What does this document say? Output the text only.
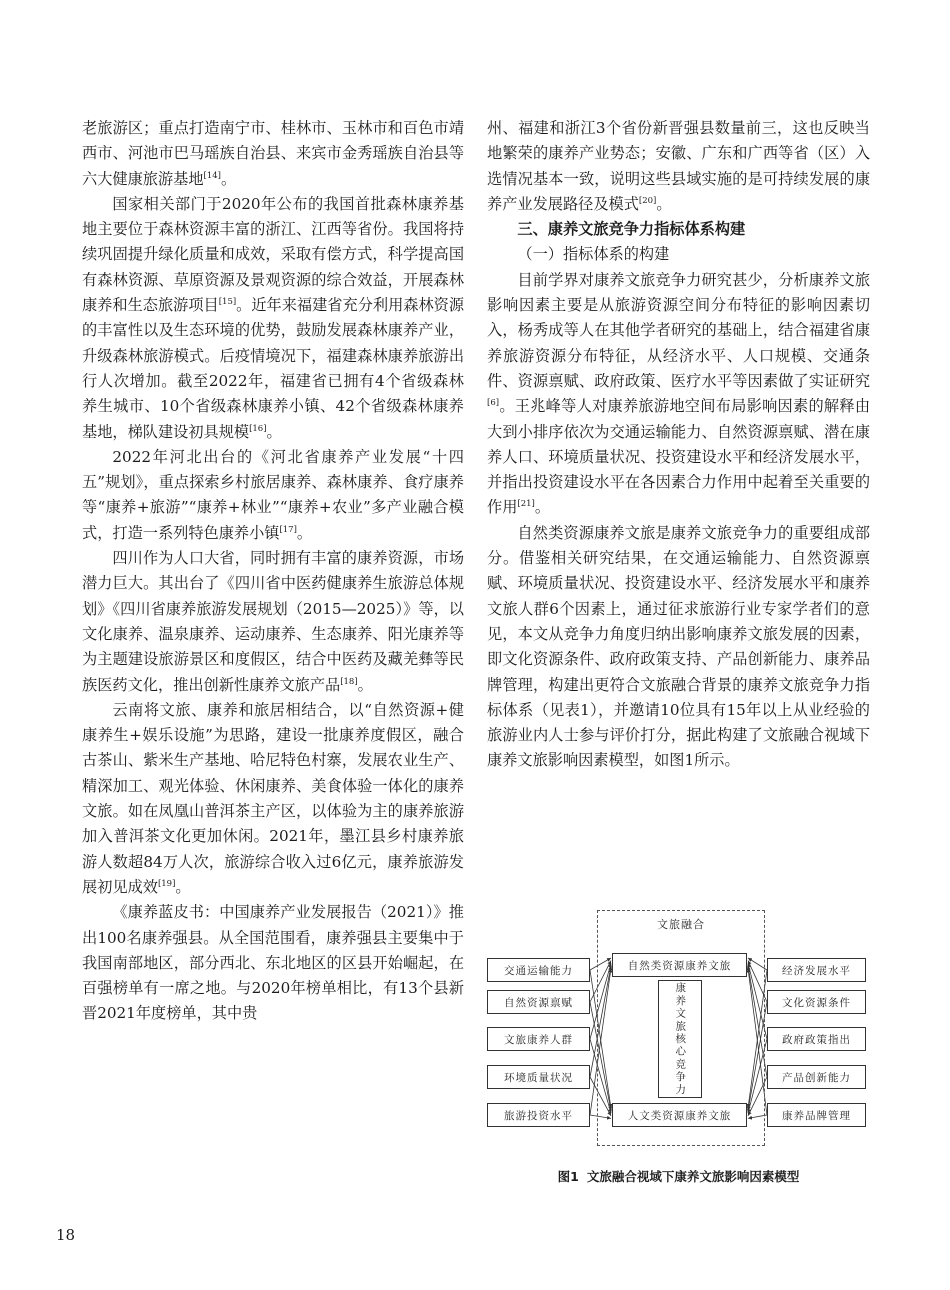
老旅游区；重点打造南宁市、桂林市、玉林市和百色市靖西市、河池市巴马瑶族自治县、来宾市金秀瑶族自治县等六大健康旅游基地[14]。

国家相关部门于2020年公布的我国首批森林康养基地主要位于森林资源丰富的浙江、江西等省份。我国将持续巩固提升绿化质量和成效，采取有偿方式，科学提高国有森林资源、草原资源及景观资源的综合效益，开展森林康养和生态旅游项目[15]。近年来福建省充分利用森林资源的丰富性以及生态环境的优势，鼓励发展森林康养产业，升级森林旅游模式。后疫情境况下，福建森林康养旅游出行人次增加。截至2022年，福建省已拥有4个省级森林养生城市、10个省级森林康养小镇、42个省级森林康养基地，梯队建设初具规模[16]。

2022年河北出台的《河北省康养产业发展“十四五”规划》，重点探索乡村旅居康养、森林康养、食疗康养等“康养+旅游”“康养+林业”“康养+农业”多产业融合模式，打造一系列特色康养小镇[17]。

四川作为人口大省，同时拥有丰富的康养资源，市场潜力巨大。其出台了《四川省中医药健康养生旅游总体规划》《四川省康养旅游发展规划（2015—2025）》等，以文化康养、温泉康养、运动康养、生态康养、阳光康养等为主题建设旅游景区和度假区，结合中医药及藏羌彝等民族医药文化，推出创新性康养文旅产品[18]。

云南将文旅、康养和旅居相结合，以“自然资源+健康养生+娱乐设施”为思路，建设一批康养度假区，融合古茶山、紫米生产基地、哈尼特色村寨，发展农业生产、精深加工、观光体验、休闲康养、美食体验一体化的康养文旅。如在凤凰山普洱茶主产区，以体验为主的康养旅游加入普洱茶文化更加休闲。2021年，墨江县乡村康养旅游人数超84万人次，旅游综合收入过6亿元，康养旅游发展初见成效[19]。

《康养蓝皮书：中国康养产业发展报告（2021）》推出100名康养强县。从全国范围看，康养强县主要集中于我国南部地区，部分西北、东北地区的区县开始崛起，在百强榜单有一席之地。与2020年榜单相比，有13个县新晋2021年度榜单，其中贵

州、福建和浙江3个省份新晋强县数量前三，这也反映当地繁荣的康养产业势态；安徽、广东和广西等省（区）入选情况基本一致，说明这些县域实施的是可持续发展的康养产业发展路径及模式[20]。

三、康养文旅竞争力指标体系构建

（一）指标体系的构建

目前学界对康养文旅竞争力研究甚少，分析康养文旅影响因素主要是从旅游资源空间分布特征的影响因素切入，杨秀成等人在其他学者研究的基础上，结合福建省康养旅游资源分布特征，从经济水平、人口规模、交通条件、资源禀赋、政府政策、医疗水平等因素做了实证研究[6]。王兆峰等人对康养旅游地空间布局影响因素的解释由大到小排序依次为交通运输能力、自然资源禀赋、潜在康养人口、环境质量状况、投资建设水平和经济发展水平，并指出投资建设水平在各因素合力作用中起着至关重要的作用[21]。

自然类资源康养文旅是康养文旅竞争力的重要组成部分。借鉴相关研究结果，在交通运输能力、自然资源禀赋、环境质量状况、投资建设水平、经济发展水平和康养文旅人群6个因素上，通过征求旅游行业专家学者们的意见，本文从竞争力角度归纳出影响康养文旅发展的因素，即文化资源条件、政府政策支持、产品创新能力、康养品牌管理，构建出更符合文旅融合背景的康养文旅竞争力指标体系（见表1），并邀请10位具有15年以上从业经验的旅游业内人士参与评价打分，据此构建了文旅融合视域下康养文旅影响因素模型，如图1所示。

文旅融合
自然类资源康养文旅
人文类资源康养文旅
康养文旅核心竞争力
交通运输能力
自然资源禀赋
文旅康养人群
环境质量状况
旅游投资水平
经济发展水平
文化资源条件
政府政策指出
产品创新能力
康养品牌管理
图1 文旅融合视域下康养文旅影响因素模型
18
